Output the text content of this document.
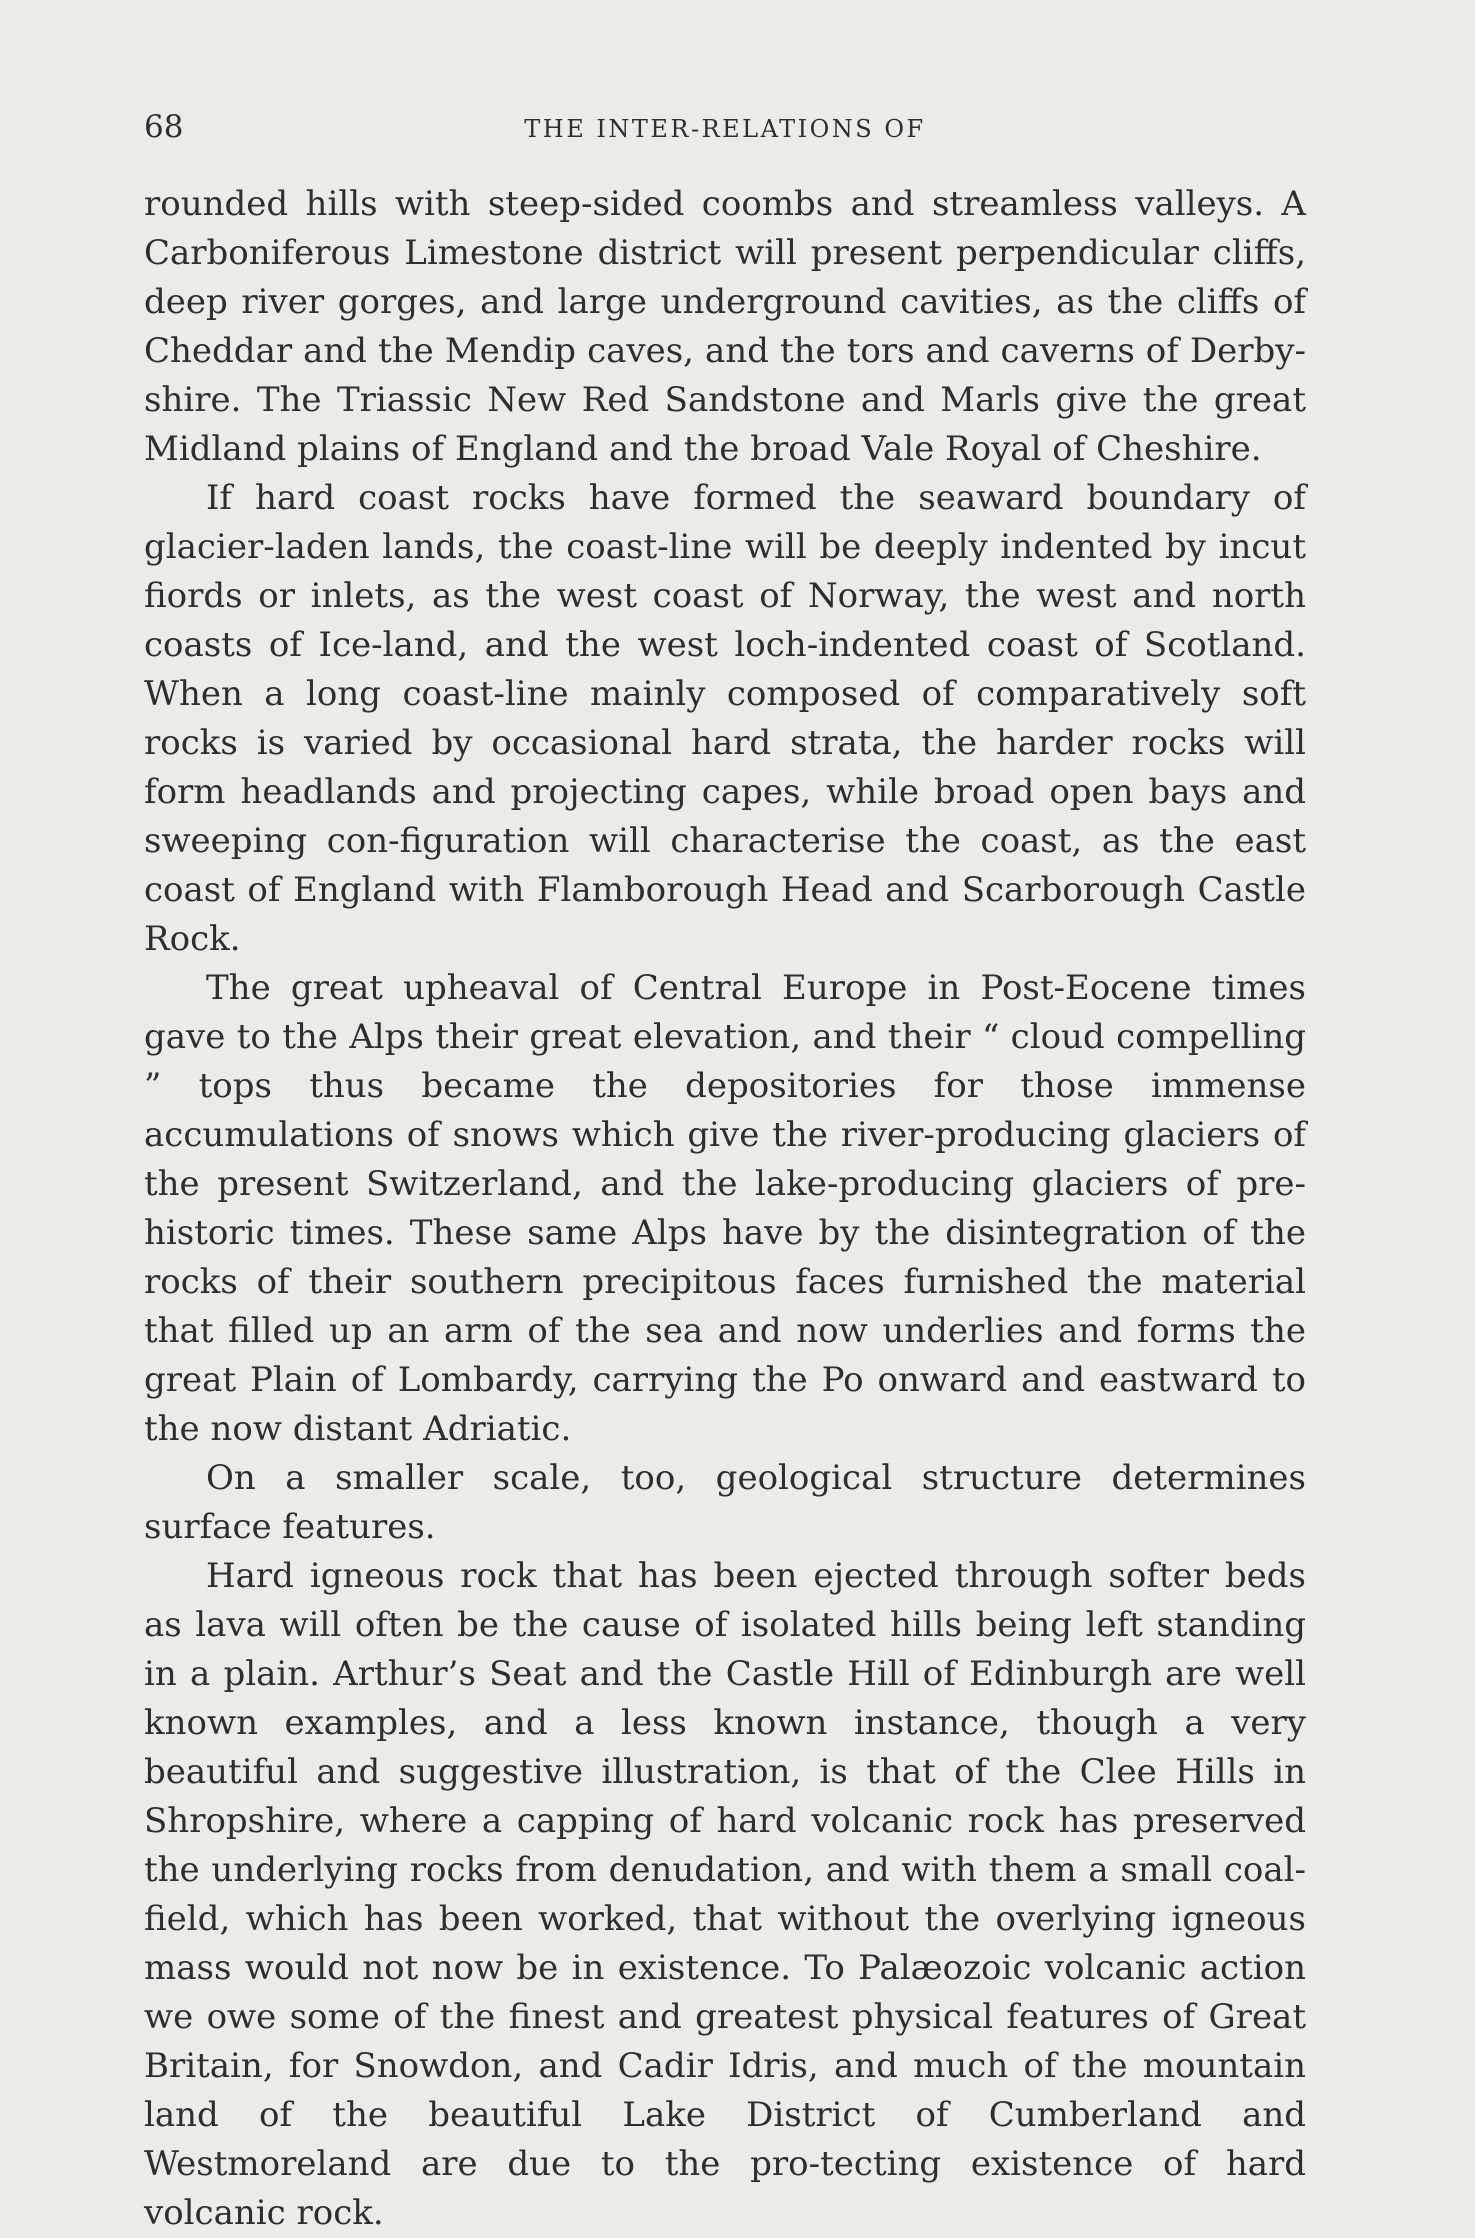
68	THE INTER-RELATIONS OF

rounded hills with steep-sided coombs and streamless valleys. A Carboniferous Limestone district will present perpendicular cliffs, deep river gorges, and large underground cavities, as the cliffs of Cheddar and the Mendip caves, and the tors and caverns of Derby-shire. The Triassic New Red Sandstone and Marls give the great Midland plains of England and the broad Vale Royal of Cheshire.

If hard coast rocks have formed the seaward boundary of glacier-laden lands, the coast-line will be deeply indented by incut fiords or inlets, as the west coast of Norway, the west and north coasts of Ice-land, and the west loch-indented coast of Scotland. When a long coast-line mainly composed of comparatively soft rocks is varied by occasional hard strata, the harder rocks will form headlands and projecting capes, while broad open bays and sweeping con-figuration will characterise the coast, as the east coast of England with Flamborough Head and Scarborough Castle Rock.

The great upheaval of Central Europe in Post-Eocene times gave to the Alps their great elevation, and their “ cloud compelling ” tops thus became the depositories for those immense accumulations of snows which give the river-producing glaciers of the present Switzerland, and the lake-producing glaciers of pre-historic times. These same Alps have by the disintegration of the rocks of their southern precipitous faces furnished the material that filled up an arm of the sea and now underlies and forms the great Plain of Lombardy, carrying the Po onward and eastward to the now distant Adriatic.

On a smaller scale, too, geological structure determines surface features.

Hard igneous rock that has been ejected through softer beds as lava will often be the cause of isolated hills being left standing in a plain. Arthur’s Seat and the Castle Hill of Edinburgh are well known examples, and a less known instance, though a very beautiful and suggestive illustration, is that of the Clee Hills in Shropshire, where a capping of hard volcanic rock has preserved the underlying rocks from denudation, and with them a small coal-field, which has been worked, that without the overlying igneous mass would not now be in existence. To Palæozoic volcanic action we owe some of the finest and greatest physical features of Great Britain, for Snowdon, and Cadir Idris, and much of the mountain land of the beautiful Lake District of Cumberland and Westmoreland are due to the pro-tecting existence of hard volcanic rock.
